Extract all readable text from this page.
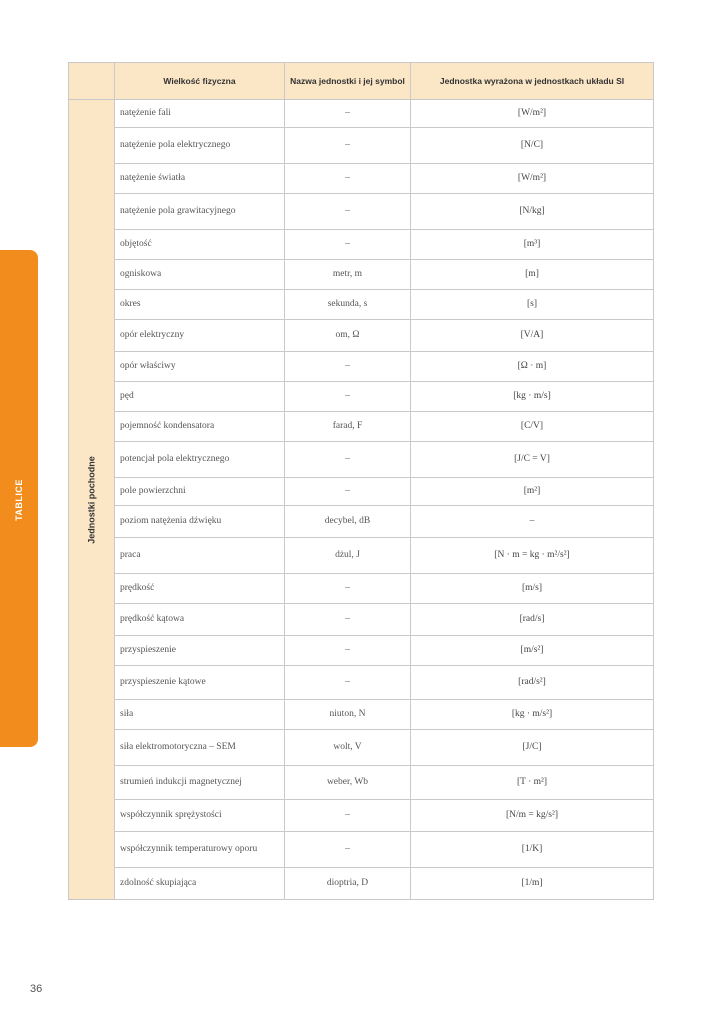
TABLICE
	Wielkość fizyczna	Nazwa jednostki i jej symbol	Jednostka wyrażona w jednostkach układu SI

Jednostki pochodne	natężenie fali	–	[W/m²]
	natężenie pola elektrycznego	–	[N/C]
	natężenie światła	–	[W/m²]
	natężenie pola grawitacyjnego	–	[N/kg]
	objętość	–	[m³]
	ogniskowa	metr, m	[m]
	okres	sekunda, s	[s]
	opór elektryczny	om, Ω	[V/A]
	opór właściwy	–	[Ω · m]
	pęd	–	[kg · m/s]
	pojemność kondensatora	farad, F	[C/V]
	potencjał pola elektrycznego	–	[J/C = V]
	pole powierzchni	–	[m²]
	poziom natężenia dźwięku	decybel, dB	–
	praca	dżul, J	[N · m = kg · m²/s²]
	prędkość	–	[m/s]
	prędkość kątowa	–	[rad/s]
	przyspieszenie	–	[m/s²]
	przyspieszenie kątowe	–	[rad/s²]
	siła	niuton, N	[kg · m/s²]
	siła elektromotoryczna – SEM	wolt, V	[J/C]
	strumień indukcji magnetycznej	weber, Wb	[T · m²]
	współczynnik sprężystości	–	[N/m = kg/s²]
	współczynnik temperaturowy oporu	–	[1/K]
	zdolność skupiająca	dioptria, D	[1/m]
36
